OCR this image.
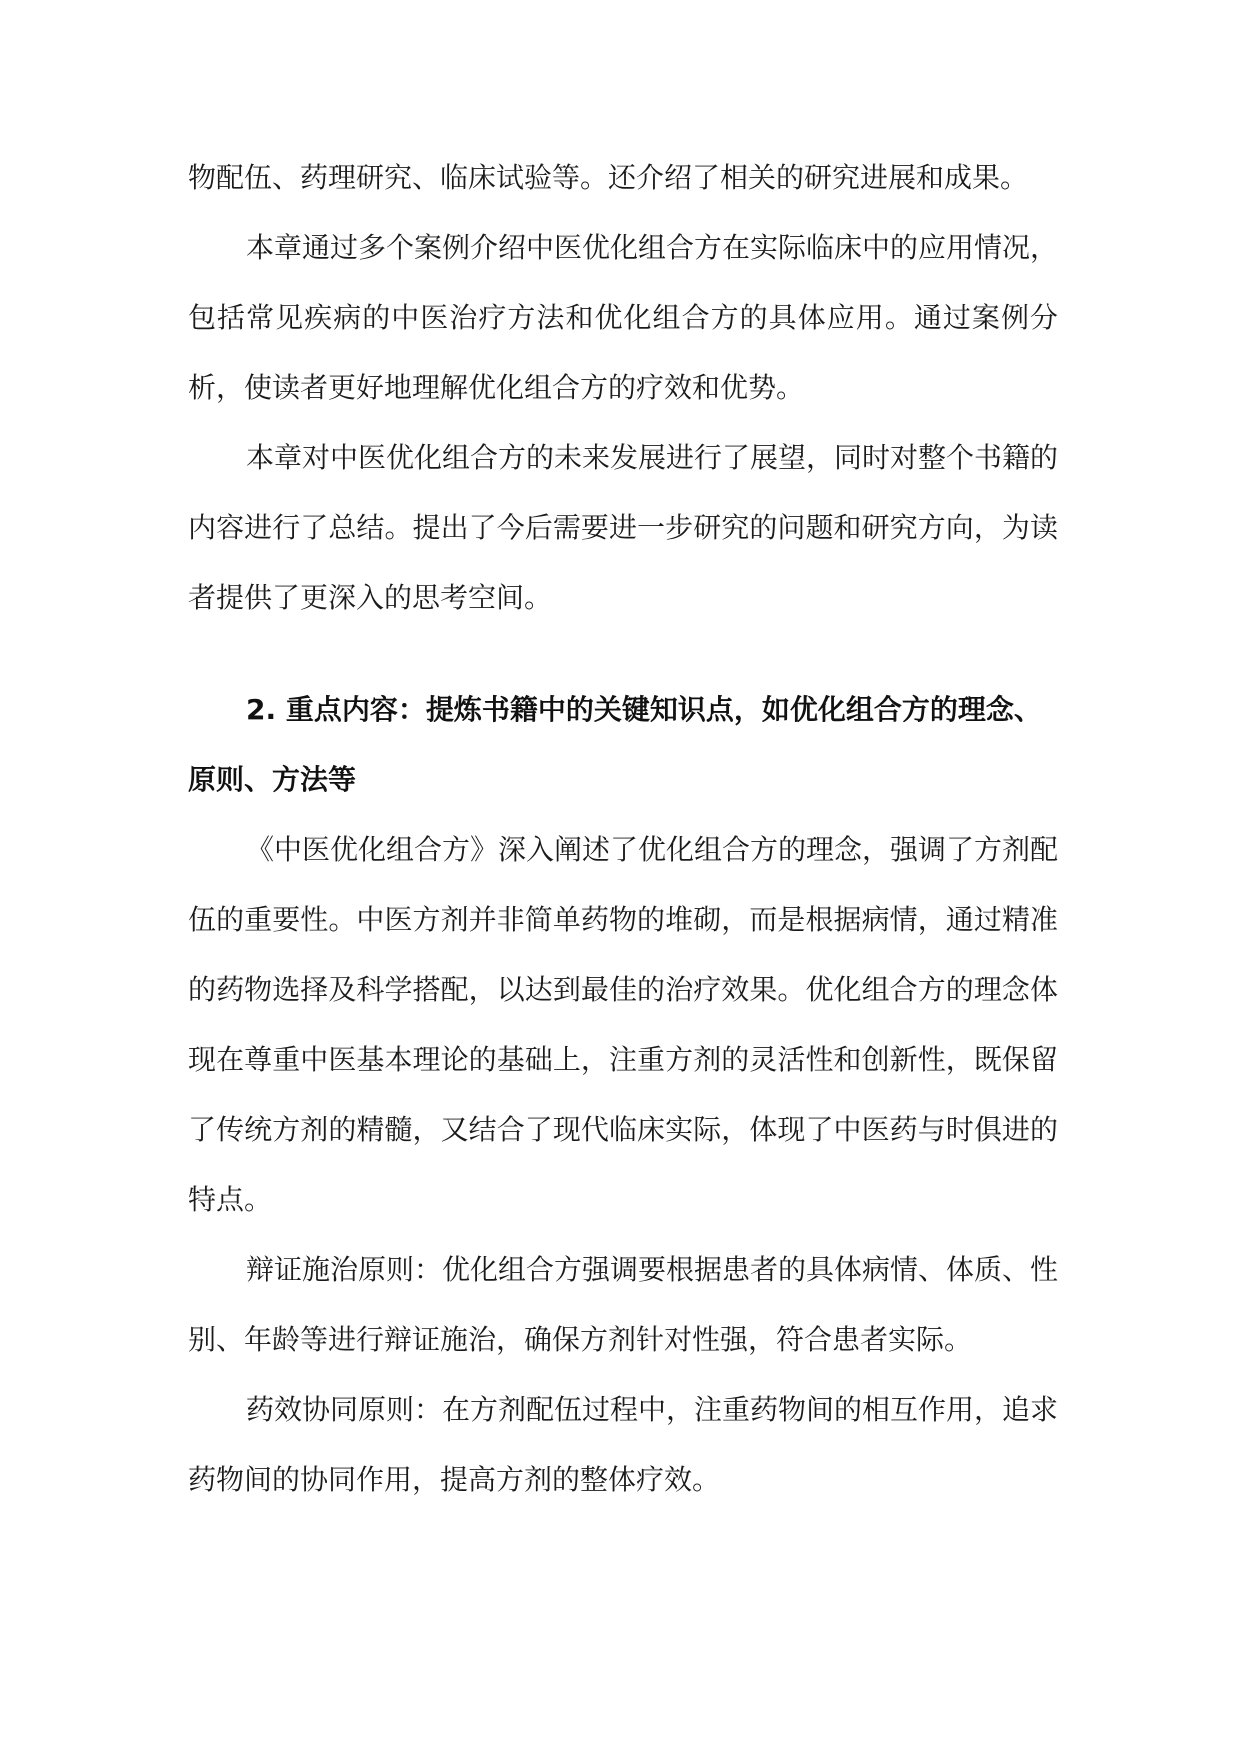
物配伍、药理研究、临床试验等。还介绍了相关的研究进展和成果。

本章通过多个案例介绍中医优化组合方在实际临床中的应用情况，包括常见疾病的中医治疗方法和优化组合方的具体应用。通过案例分析，使读者更好地理解优化组合方的疗效和优势。

本章对中医优化组合方的未来发展进行了展望，同时对整个书籍的内容进行了总结。提出了今后需要进一步研究的问题和研究方向，为读者提供了更深入的思考空间。

2. 重点内容：提炼书籍中的关键知识点，如优化组合方的理念、原则、方法等

《中医优化组合方》深入阐述了优化组合方的理念，强调了方剂配伍的重要性。中医方剂并非简单药物的堆砌，而是根据病情，通过精准的药物选择及科学搭配，以达到最佳的治疗效果。优化组合方的理念体现在尊重中医基本理论的基础上，注重方剂的灵活性和创新性，既保留了传统方剂的精髓，又结合了现代临床实际，体现了中医药与时俱进的特点。

辩证施治原则：优化组合方强调要根据患者的具体病情、体质、性别、年龄等进行辩证施治，确保方剂针对性强，符合患者实际。

药效协同原则：在方剂配伍过程中，注重药物间的相互作用，追求药物间的协同作用，提高方剂的整体疗效。
